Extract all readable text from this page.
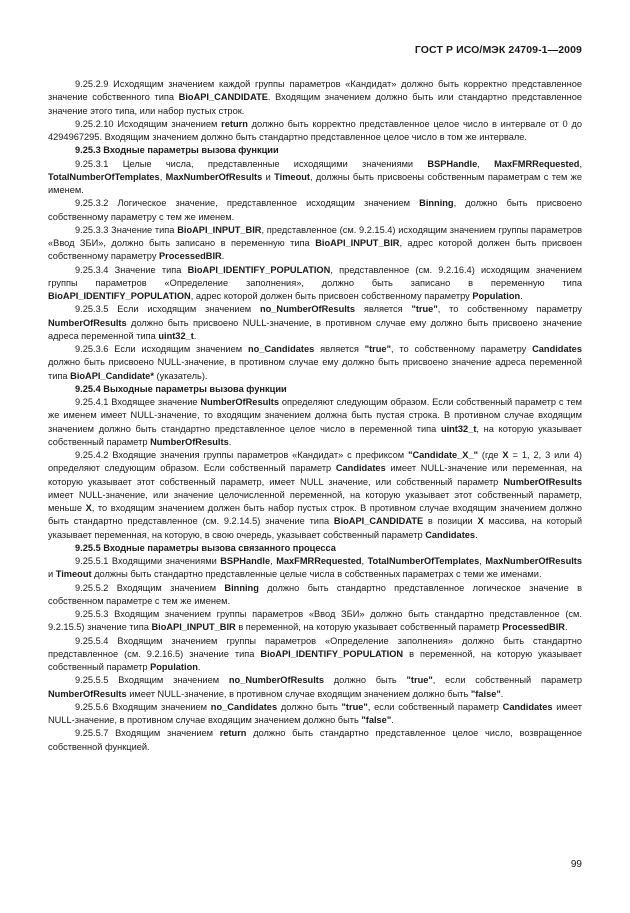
ГОСТ Р ИСО/МЭК 24709-1—2009

9.25.2.9 Исходящим значением каждой группы параметров «Кандидат» должно быть корректно представленное значение собственного типа BioAPI_CANDIDATE. Входящим значением должно быть или стандартно представленное значение этого типа, или набор пустых строк.

9.25.2.10 Исходящим значением return должно быть корректно представленное целое число в интервале от 0 до 4294967295. Входящим значением должно быть стандартно представленное целое число в том же интервале.

9.25.3 Входные параметры вызова функции

9.25.3.1 Целые числа, представленные исходящими значениями BSPHandle, MaxFMRRequested, TotalNumberOfTemplates, MaxNumberOfResults и Timeout, должны быть присвоены собственным параметрам с тем же именем.

9.25.3.2 Логическое значение, представленное исходящим значением Binning, должно быть присвоено собственному параметру с тем же именем.

9.25.3.3 Значение типа BioAPI_INPUT_BIR, представленное (см. 9.2.15.4) исходящим значением группы параметров «Ввод ЗБИ», должно быть записано в переменную типа BioAPI_INPUT_BIR, адрес которой должен быть присвоен собственному параметру ProcessedBIR.

9.25.3.4 Значение типа BioAPI_IDENTIFY_POPULATION, представленное (см. 9.2.16.4) исходящим значением группы параметров «Определение заполнения», должно быть записано в переменную типа BioAPI_IDENTIFY_POPULATION, адрес которой должен быть присвоен собственному параметру Population.

9.25.3.5 Если исходящим значением no_NumberOfResults является "true", то собственному параметру NumberOfResults должно быть присвоено NULL-значение, в противном случае ему должно быть присвоено значение адреса переменной типа uint32_t.

9.25.3.6 Если исходящим значением no_Candidates является "true", то собственному параметру Candidates должно быть присвоено NULL-значение, в противном случае ему должно быть присвоено значение адреса переменной типа BioAPI_Candidate* (указатель).

9.25.4 Выходные параметры вызова функции

9.25.4.1 Входящее значение NumberOfResults определяют следующим образом. Если собственный параметр с тем же именем имеет NULL-значение, то входящим значением должна быть пустая строка. В противном случае входящим значением должно быть стандартно представленное целое число в переменной типа uint32_t, на которую указывает собственный параметр NumberOfResults.

9.25.4.2 Входящие значения группы параметров «Кандидат» с префиксом "Candidate_X_" (где X = 1, 2, 3 или 4) определяют следующим образом. Если собственный параметр Candidates имеет NULL-значение или переменная, на которую указывает этот собственный параметр, имеет NULL значение, или собственный параметр NumberOfResults имеет NULL-значение, или значение целочисленной переменной, на которую указывает этот собственный параметр, меньше X, то входящим значением должен быть набор пустых строк. В противном случае входящим значением должно быть стандартно представленное (см. 9.2.14.5) значение типа BioAPI_CANDIDATE в позиции X массива, на который указывает переменная, на которую, в свою очередь, указывает собственный параметр Candidates.

9.25.5 Входные параметры вызова связанного процесса

9.25.5.1 Входящими значениями BSPHandle, MaxFMRRequested, TotalNumberOfTemplates, MaxNumberOfResults и Timeout должны быть стандартно представленные целые числа в собственных параметрах с теми же именами.

9.25.5.2 Входящим значением Binning должно быть стандартно представленное логическое значение в собственном параметре с тем же именем.

9.25.5.3 Входящим значением группы параметров «Ввод ЗБИ» должно быть стандартно представленное (см. 9.2.15.5) значение типа BioAPI_INPUT_BIR в переменной, на которую указывает собственный параметр ProcessedBIR.

9.25.5.4 Входящим значением группы параметров «Определение заполнения» должно быть стандартно представленное (см. 9.2.16.5) значение типа BioAPI_IDENTIFY_POPULATION в переменной, на которую указывает собственный параметр Population.

9.25.5.5 Входящим значением no_NumberOfResults должно быть "true", если собственный параметр NumberOfResults имеет NULL-значение, в противном случае входящим значением должно быть "false".

9.25.5.6 Входящим значением no_Candidates должно быть "true", если собственный параметр Candidates имеет NULL-значение, в противном случае входящим значением должно быть "false".

9.25.5.7 Входящим значением return должно быть стандартно представленное целое число, возвращенное собственной функцией.

99
